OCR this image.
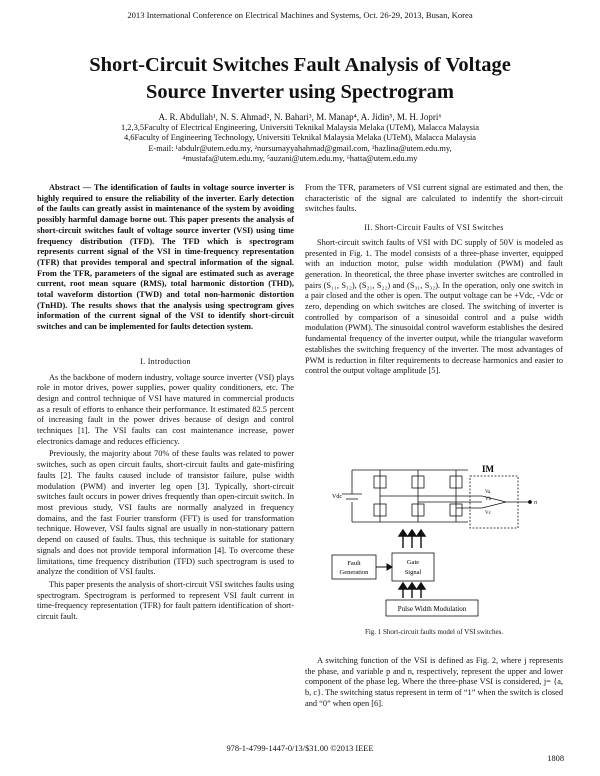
2013 International Conference on Electrical Machines and Systems, Oct. 26-29, 2013, Busan, Korea
Short-Circuit Switches Fault Analysis of Voltage
Source Inverter using Spectrogram
A. R. Abdullah¹, N. S. Ahmad², N. Bahari³, M. Manap⁴, A. Jidin⁵, M. H. Jopri⁶
1,2,3,5Faculty of Electrical Engineering, Universiti Teknikal Malaysia Melaka (UTeM), Malacca Malaysia
4,6Faculty of Engineering Technology, Universiti Teknikal Malaysia Melaka (UTeM), Malacca Malaysia
E-mail: ¹abdulr@utem.edu.my, ²nursumayyahahmad@gmail.com, ³hazlina@utem.edu.my,
⁴mustafa@utem.edu.my, ⁵auzani@utem.edu.my, ⁶hatta@utem.edu.my

Abstract — The identification of faults in voltage source inverter is highly required to ensure the reliability of the inverter. Early detection of the faults can greatly assist in maintenance of the system by avoiding possibly harmful damage borne out. This paper presents the analysis of short-circuit switches fault of voltage source inverter (VSI) using time frequency distribution (TFD). The TFD which is spectrogram represents current signal of the VSI in time-frequency representation (TFR) that provides temporal and spectral information of the signal. From the TFR, parameters of the signal are estimated such as average current, root mean square (RMS), total harmonic distortion (THD), total waveform distortion (TWD) and total non-harmonic distortion (TnHD). The results shows that the analysis using spectrogram gives information of the current signal of the VSI to identify short-circuit switches and can be implemented for faults detection system.

I. Introduction

As the backbone of modern industry, voltage source inverter (VSI) plays role in motor drives, power supplies, power quality conditioners, etc. The design and control technique of VSI have matured in commercial products as a result of efforts to enhance their performance. It estimated 82.5 percent of increasing fault in the power drives because of design and control techniques [1]. The VSI faults can cost maintenance increase, power electronics damage and reduces efficiency.

Previously, the majority about 70% of these faults was related to power switches, such as open circuit faults, short-circuit faults and gate-misfiring faults [2]. The faults caused include of transistor failure, pulse width modulation (PWM) and inverter leg open [3]. Typically, short-circuit switches fault occurs in power drives frequently than open-circuit switch. In most previous study, VSI faults are normally analyzed in frequency domains, and the fast Fourier transform (FFT) is used for transformation technique. However, VSI faults signal are usually in non-stationary pattern depend on caused of faults. Thus, this technique is suitable for stationary signals and does not provide temporal information [4]. To overcome these limitations, time frequency distribution (TFD) such spectrogram is used to analyze the condition of VSI faults.

This paper presents the analysis of short-circuit VSI switches faults using spectrogram. Spectrogram is performed to represent VSI fault current in time-frequency representation (TFR) for fault pattern identification of short-circuit fault.

From the TFR, parameters of VSI current signal are estimated and then, the characteristic of the signal are calculated to indentify the short-circuit switches faults.

II. Short-Circuit Faults of VSI Switches

Short-circuit switch faults of VSI with DC supply of 50V is modeled as presented in Fig. 1. The model consists of a three-phase inverter, equipped with an induction motor, pulse width modulation (PWM) and fault generation. In theoretical, the three phase inverter switches are controlled in pairs (S₁₁, S₁₂), (S₂₁, S₂₂) and (S₃₁, S₃₂). In the operation, only one switch in a pair closed and the other is open. The output voltage can be +Vdc, -Vdc or zero, depending on which switches are closed. The switching of inverter is controlled by comparison of a sinusoidal control and a pulse width modulation (PWM). The sinusoidal control waveform establishes the desired fundamental frequency of the inverter output, while the triangular waveform establishes the switching frequency of the inverter. The most advantages of PWM is reduction in filter requirements to decrease harmonics and easier to control the output voltage amplitude [5].

IM
Vdc
n
Va
Vb
Vc
Fault
Generation
Gate
Signal
Pulse Width Modulation
Fig. 1 Short-circuit faults model of VSI switches.

A switching function of the VSI is defined as Fig. 2, where j represents the phase, and variable p and n, respectively, represent the upper and lower component of the phase leg. Where the three-phase VSI is considered, j= {a, b, c}. The switching status represent in term of “1” when the switch is closed and “0” when open [6].

978-1-4799-1447-0/13/$31.00 ©2013 IEEE
1808
